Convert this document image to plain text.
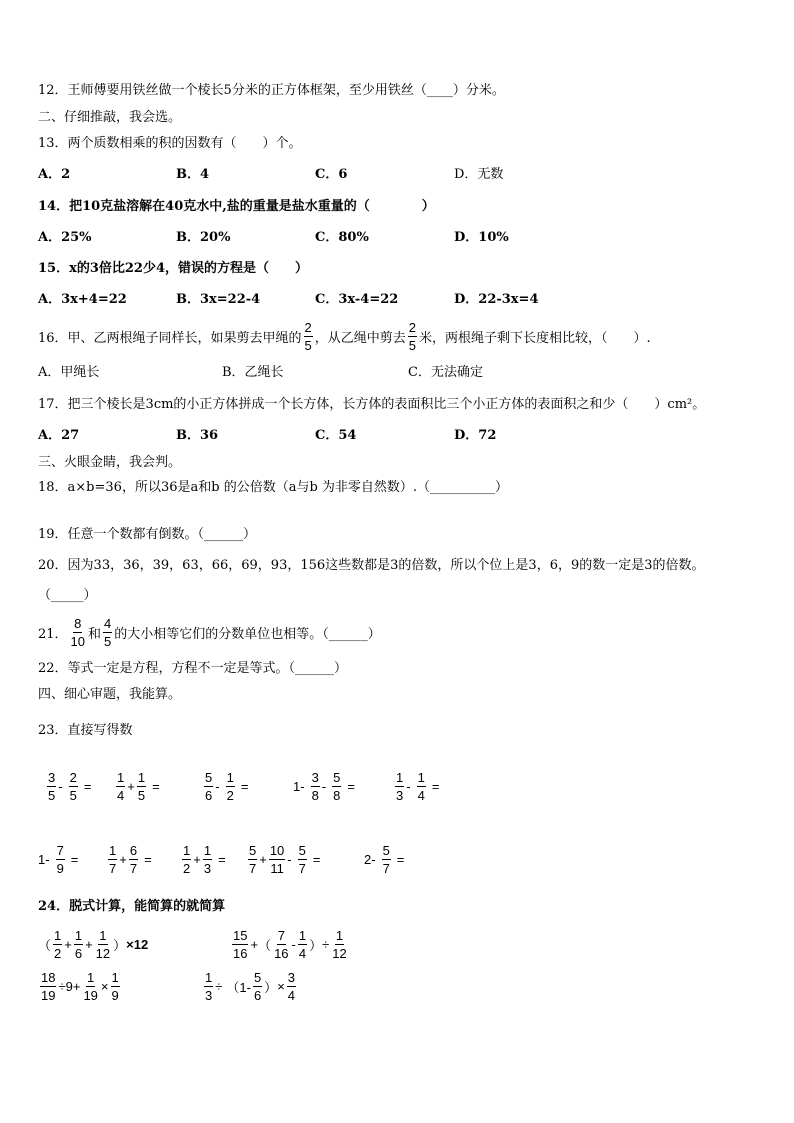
12．王师傅要用铁丝做一个棱长5分米的正方体框架，至少用铁丝（____）分米。
二、仔细推敲，我会选。
13．两个质数相乘的积的因数有（　　）个。
A．2	B．4	C．6	D．无数
14．把10克盐溶解在40克水中,盐的重量是盐水重量的（　　　　）
A．25%	B．20%	C．80%	D．10%
15．x的3倍比22少4，错误的方程是（　　）
A．3x+4=22	B．3x=22-4	C．3x-4=22	D．22-3x=4
16．甲、乙两根绳子同样长，如果剪去甲绳的
2
5 ，从乙绳中剪去
2
5 米，两根绳子剩下长度相比较，（　　）.
A．甲绳长	B．乙绳长	C．无法确定
17．把三个棱长是3cm的小正方体拼成一个长方体，长方体的表面积比三个小正方体的表面积之和少（　　）cm²。
A．27	B．36	C．54	D．72
三、火眼金睛，我会判。
18．a×b=36，所以36是a和b 的公倍数（a与b 为非零自然数）.（__________）
19．任意一个数都有倒数。（______）
20．因为33，36，39，63，66，69，93，156这些数都是3的倍数，所以个位上是3，6，9的数一定是3的倍数。
（_____）
21．
8
10 和
4
5 的大小相等它们的分数单位也相等。（______）
22．等式一定是方程，方程不一定是等式。（______）
四、细心审题，我能算。
23．直接写得数
3
5
-
2
5
=
1
4
+ $\frac{1}{5}$ =
5
6
-
1
2
=	1-
3
8
-
5
8
=
1
3
-
1
4
=
1-
7
9
=
1
7
+ $\frac{6}{7}$ =
1
2
+ $\frac{1}{3}$ =
5
7
+ $\frac{10}{11}$ -
5
7
=	2-
5
7
=
24．脱式计算，能简算的就简算
（
1
2
+ $\frac{1}{6} + \frac{1}{12}$ ） ×12
15
16
+ （
7
16
-
1
4
） ÷ $\frac{1}{12}$
$\frac{18}{19} \div 9+ \frac{1}{19} \times \frac{1}{9}$	$\frac{1}{3} \div (1-$
5
6
） × $\frac{3}{4}$
